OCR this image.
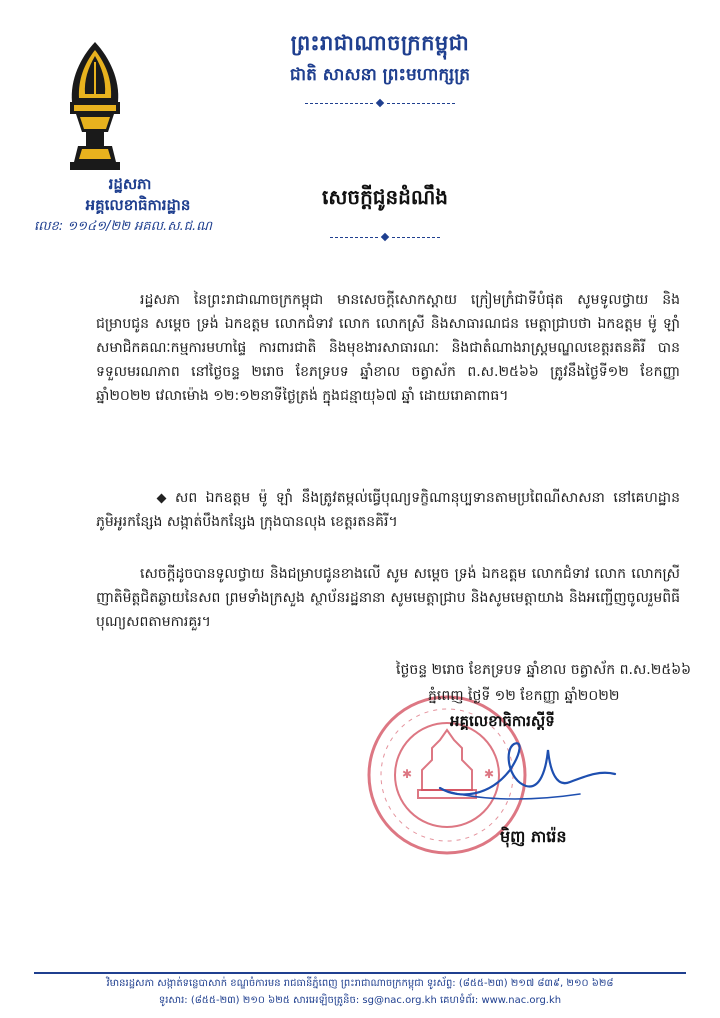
ព្រះរាជាណាចក្រកម្ពុជា
ជាតិ សាសនា ព្រះមហាក្សត្រ
រដ្ឋសភា
អគ្គលេខាធិការដ្ឋាន
លេខ: ១១៤១/២២ អគល.ស.ជ.ណ
សេចក្តីជូនដំណឹង
រដ្ឋសភា នៃព្រះរាជាណាចក្រកម្ពុជា មានសេចក្តីសោកស្តាយ ក្រៀមក្រំជាទីបំផុត សូមទូលថ្វាយ និងជម្រាបជូន សម្តេច ទ្រង់ ឯកឧត្តម លោកជំទាវ លោក លោកស្រី និងសាធារណជន មេត្តាជ្រាបថា ឯកឧត្តម ម៉ូ ឡាំ សមាជិកគណៈកម្មការមហាផ្ទៃ ការពារជាតិ និងមុខងារសាធារណៈ និងជាតំណាងរាស្ត្រមណ្ឌលខេត្តរតនគិរី បានទទួលមរណភាព នៅថ្ងៃចន្ទ ២រោច ខែភទ្របទ ឆ្នាំខាល ចត្វាស័ក ព.ស.២៥៦៦ ត្រូវនឹងថ្ងៃទី១២ ខែកញ្ញា ឆ្នាំ២០២២ វេលាម៉ោង ១២:១២នាទីថ្ងៃត្រង់ ក្នុងជន្មាយុ៦៧ ឆ្នាំ ដោយរោគាពាធ។
សព ឯកឧត្តម ម៉ូ ឡាំ នឹងត្រូវតម្កល់ធ្វើបុណ្យទក្ខិណានុប្បទានតាមប្រពៃណីសាសនា នៅគេហដ្ឋាន ភូមិអូរកន្សែង សង្កាត់បឹងកន្សែង ក្រុងបានលុង ខេត្តរតនគិរី។
សេចក្តីដូចបានទូលថ្វាយ និងជម្រាបជូនខាងលើ សូម សម្តេច ទ្រង់ ឯកឧត្តម លោកជំទាវ លោក លោកស្រី ញាតិមិត្តជិតឆ្ងាយនៃសព ព្រមទាំងក្រសួង ស្ថាប័នរដ្ឋនានា សូមមេត្តាជ្រាប និងសូមមេត្តាយាង និងអញ្ជើញចូលរួមពិធីបុណ្យសពតាមការគួរ។
✱	✱
ថ្ងៃចន្ទ ២រោច ខែភទ្របទ ឆ្នាំខាល ចត្វាស័ក ព.ស.២៥៦៦
ភ្នំពេញ ថ្ងៃទី ១២ ខែកញ្ញា ឆ្នាំ២០២២
អគ្គលេខាធិការស្តីទី
ម៉ិញ ភារ៉េន
វិមានរដ្ឋសភា សង្កាត់ទន្លេបាសាក់ ខណ្ឌចំការមន រាជធានីភ្នំពេញ ព្រះរាជាណាចក្រកម្ពុជា ទូរស័ព្ទ: (៨៥៥-២៣) ២១៧ ៨៣៩, ២១០ ៦២៨
ទូរសារ: (៨៥៥-២៣) ២១០ ៦២៥ សារអេឡិចត្រូនិច: sg@nac.org.kh គេហទំព័រ: www.nac.org.kh
